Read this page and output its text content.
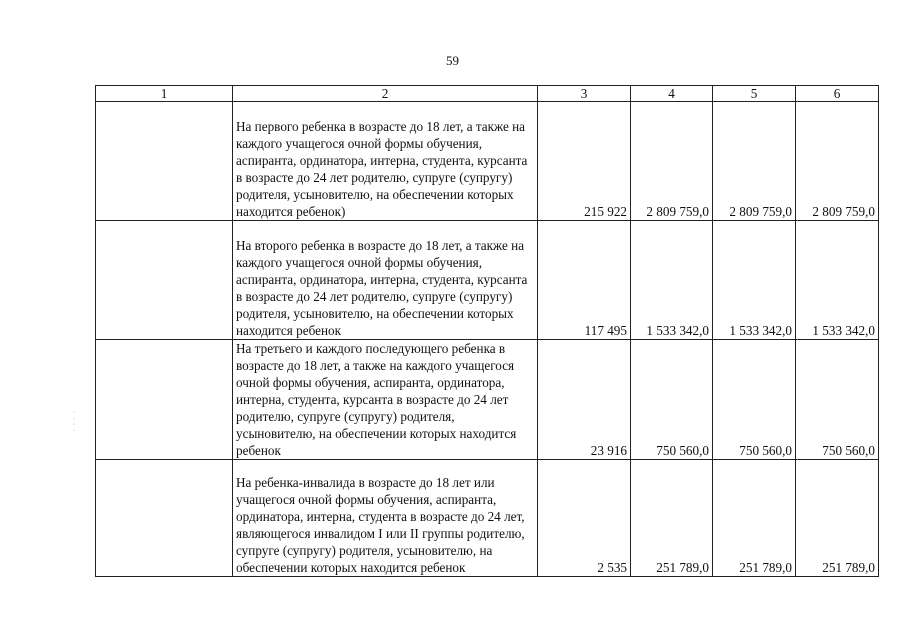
59
1	2	3	4	5	6
	На первого ребенка в возрасте до 18 лет, а также на каждого учащегося очной формы обучения, аспиранта, ординатора, интерна, студента, курсанта в возрасте до 24 лет родителю, супруге (супругу) родителя, усыновителю, на обеспечении которых находится ребенок)	215 922	2 809 759,0	2 809 759,0	2 809 759,0
	На второго ребенка в возрасте до 18 лет, а также на каждого учащегося очной формы обучения, аспиранта, ординатора, интерна, студента, курсанта в возрасте до 24 лет родителю, супруге (супругу) родителя, усыновителю, на обеспечении которых находится ребенок	117 495	1 533 342,0	1 533 342,0	1 533 342,0
	На третьего и каждого последующего ребенка в возрасте до 18 лет, а также на каждого учащегося очной формы обучения, аспиранта, ординатора, интерна, студента, курсанта в возрасте до 24 лет родителю, супруге (супругу) родителя, усыновителю, на обеспечении которых находится ребенок	23 916	750 560,0	750 560,0	750 560,0
	На ребенка-инвалида в возрасте до 18 лет или учащегося очной формы обучения, аспиранта, ординатора, интерна, студента в возрасте до 24 лет, являющегося инвалидом I или II группы родителю, супруге (супругу) родителя, усыновителю, на обеспечении которых находится ребенок	2 535	251 789,0	251 789,0	251 789,0
·
·
·
·
